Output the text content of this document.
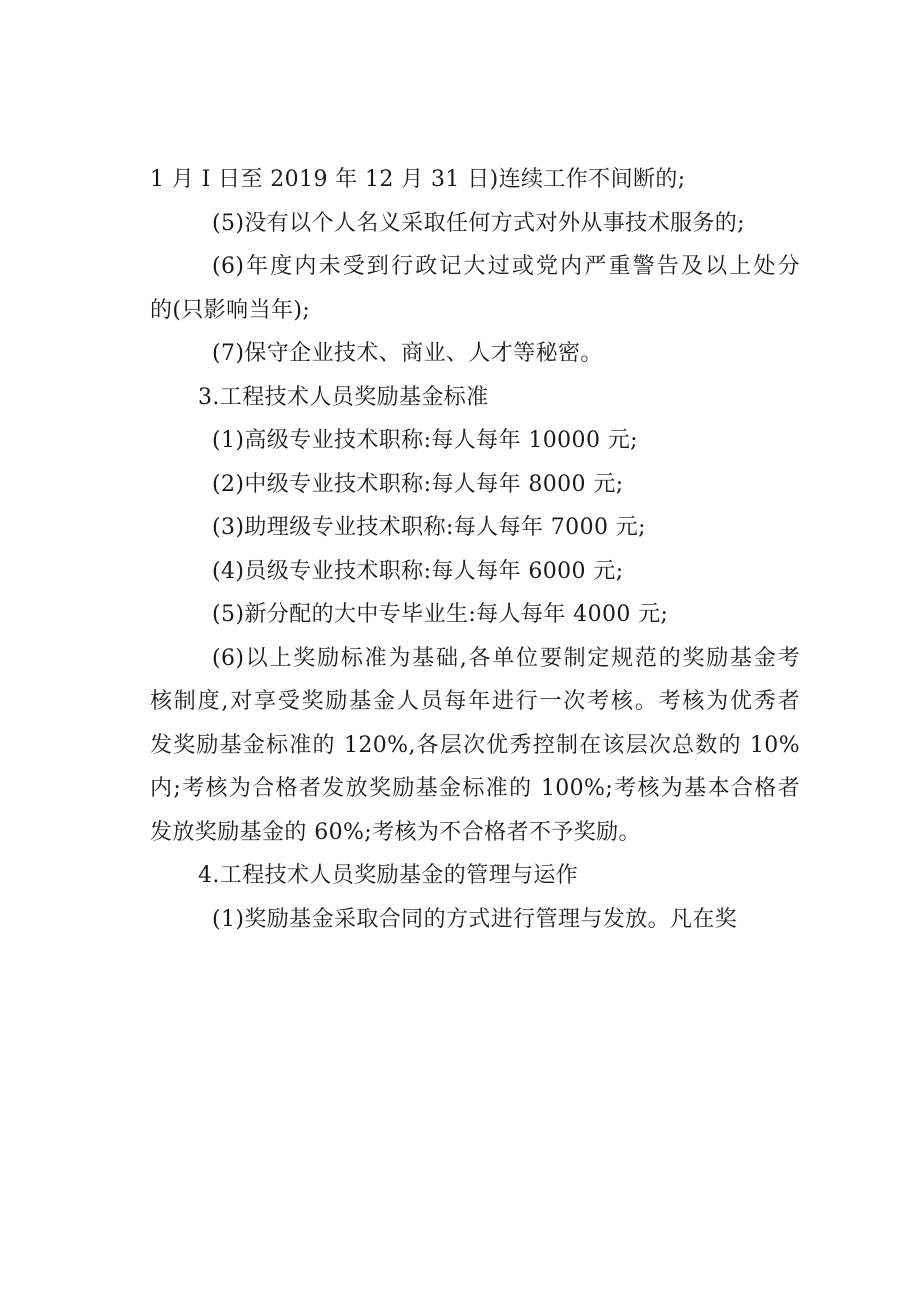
1 月 I 日至 2019 年 12 月 31 日)连续工作不间断的;
(5)没有以个人名义采取任何方式对外从事技术服务的;
(6)年度内未受到行政记大过或党内严重警告及以上处分
的(只影响当年);
(7)保守企业技术、商业、人才等秘密。
3.工程技术人员奖励基金标准
(1)高级专业技术职称:每人每年 10000 元;
(2)中级专业技术职称:每人每年 8000 元;
(3)助理级专业技术职称:每人每年 7000 元;
(4)员级专业技术职称:每人每年 6000 元;
(5)新分配的大中专毕业生:每人每年 4000 元;
(6)以上奖励标准为基础,各单位要制定规范的奖励基金考
核制度,对享受奖励基金人员每年进行一次考核。考核为优秀者
发奖励基金标准的 120%,各层次优秀控制在该层次总数的 10%
内;考核为合格者发放奖励基金标准的 100%;考核为基本合格者
发放奖励基金的 60%;考核为不合格者不予奖励。
4.工程技术人员奖励基金的管理与运作
(1)奖励基金采取合同的方式进行管理与发放。凡在奖
